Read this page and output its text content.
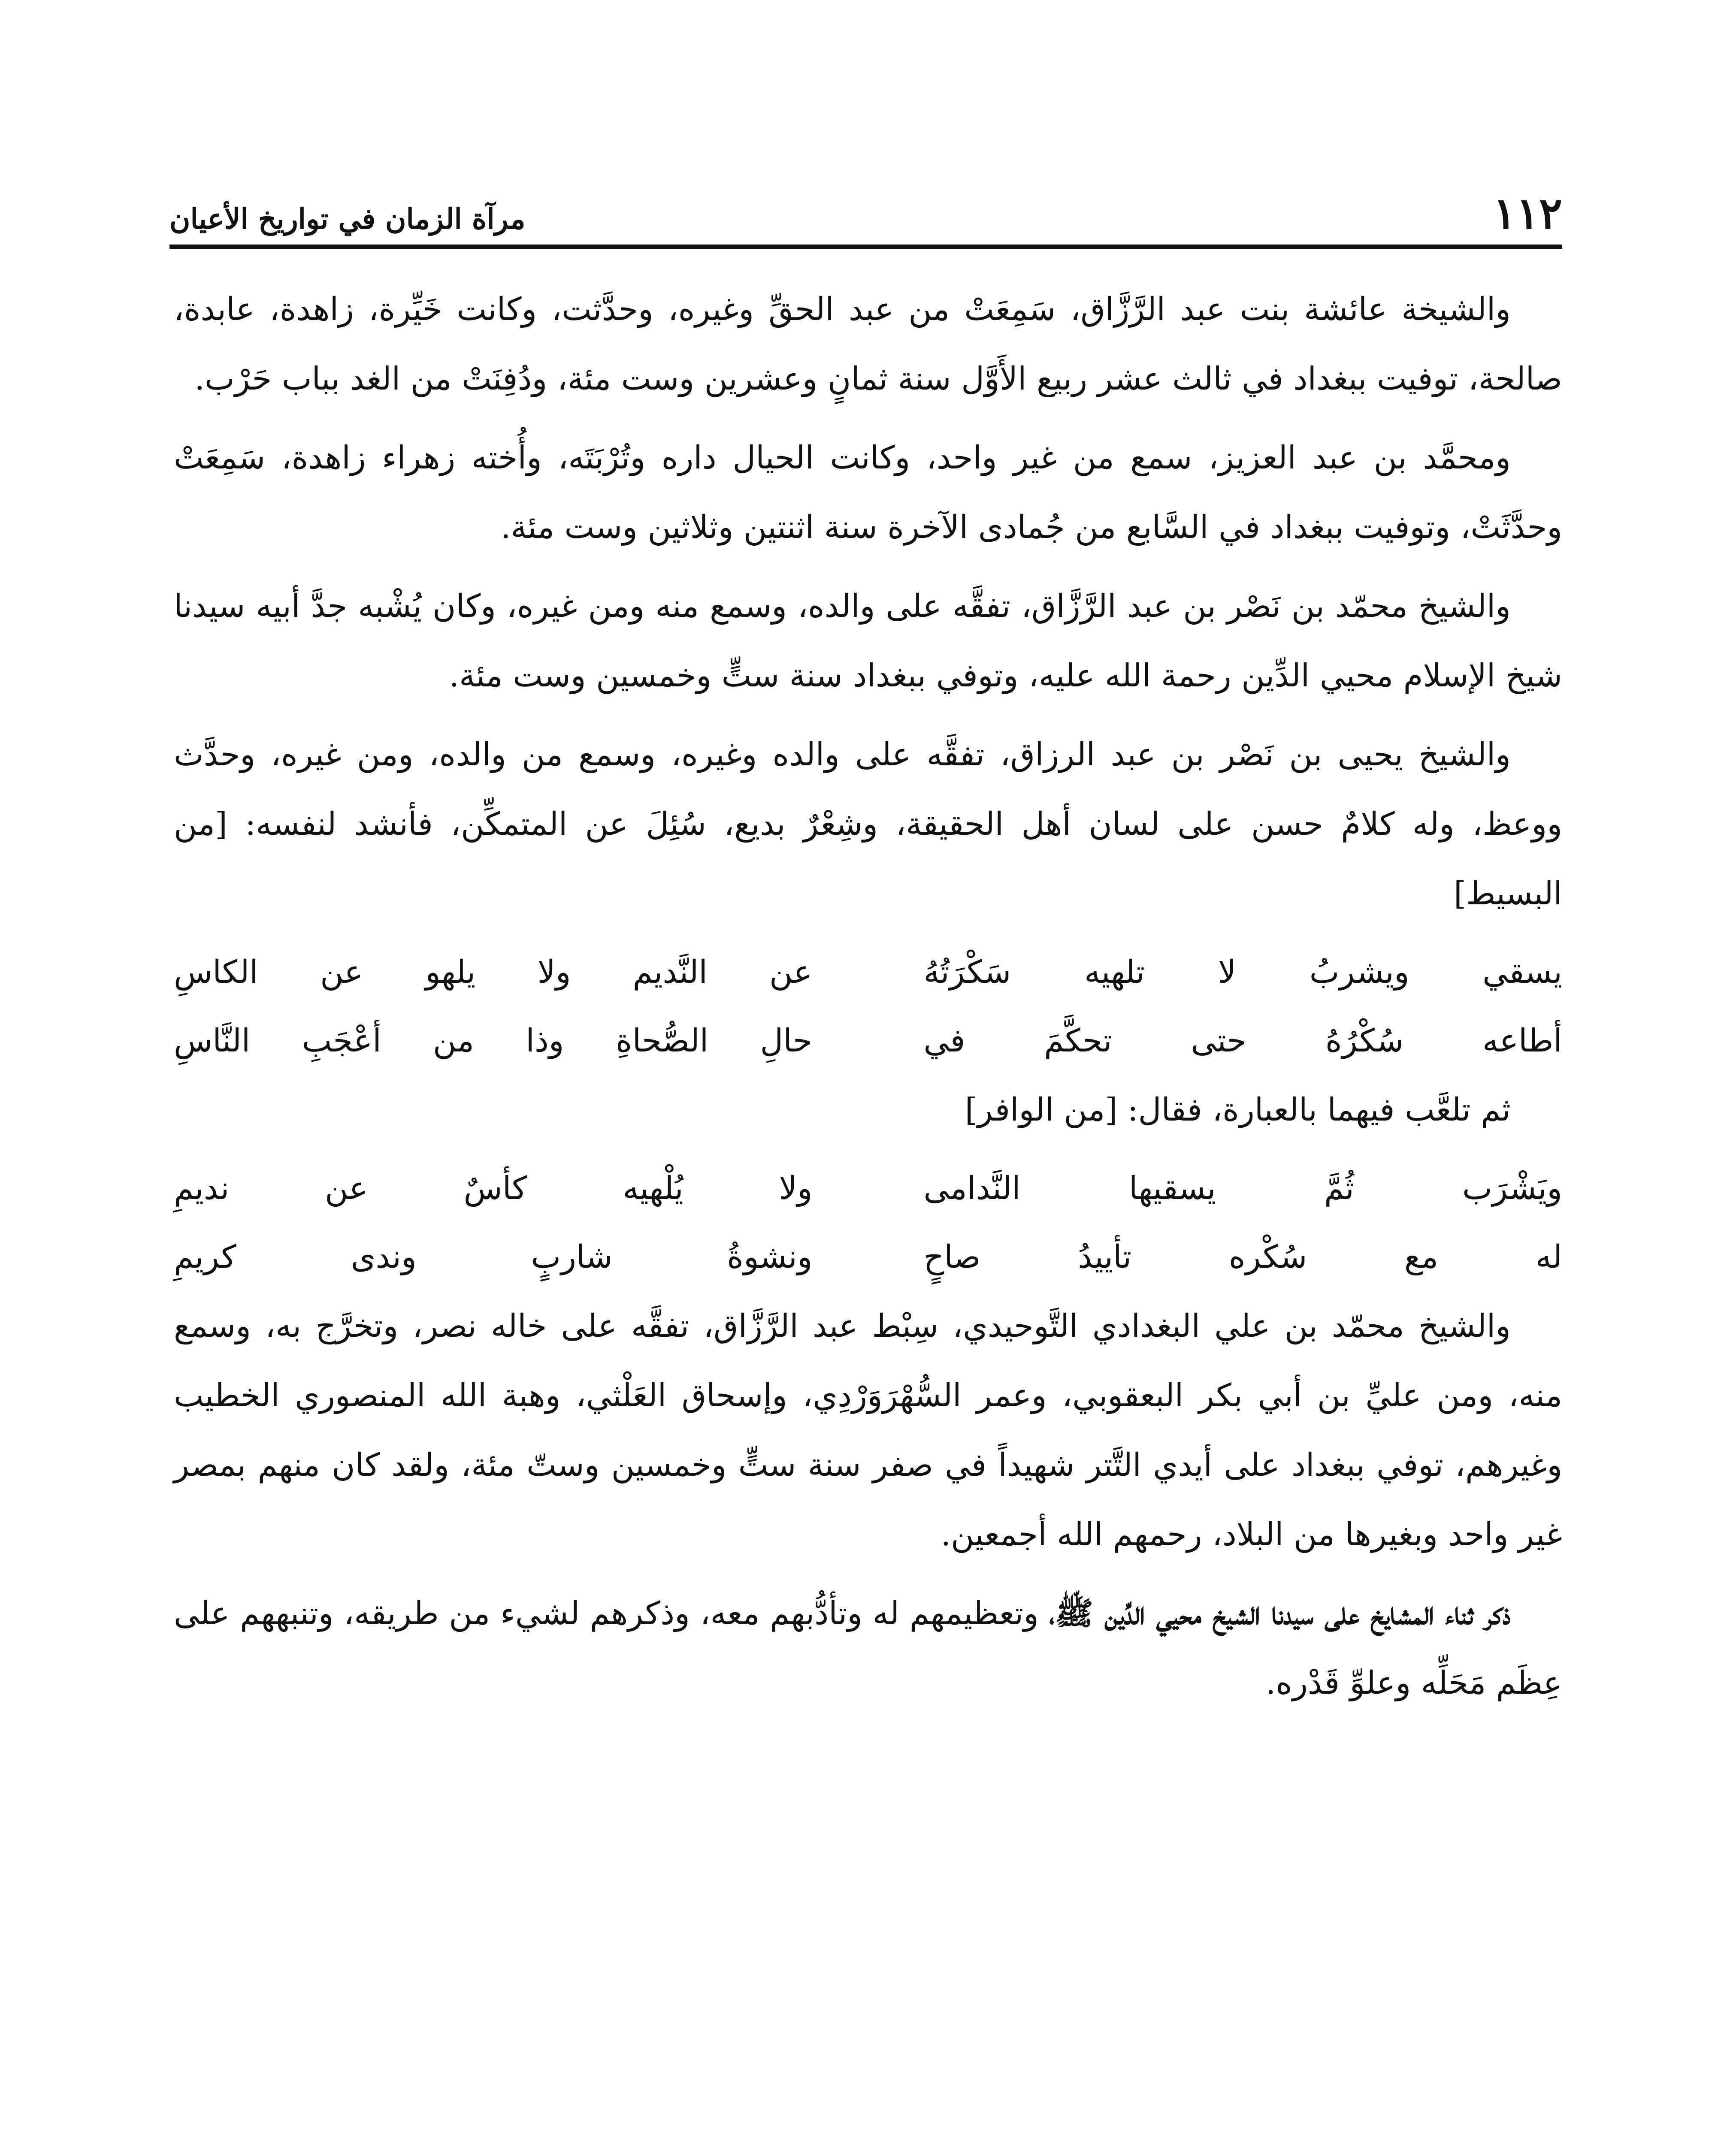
١١٢
مرآة الزمان في تواريخ الأعيان

والشيخة عائشة بنت عبد الرَّزَّاق، سَمِعَتْ من عبد الحقِّ وغيره، وحدَّثت، وكانت خَيِّرة، زاهدة، عابدة، صالحة، توفيت ببغداد في ثالث عشر ربيع الأَوَّل سنة ثمانٍ وعشرين وست مئة، ودُفِنَتْ من الغد بباب حَرْب.

ومحمَّد بن عبد العزيز، سمع من غير واحد، وكانت الحيال داره وتُرْبَتَه، وأُخته زهراء زاهدة، سَمِعَتْ وحدَّثَتْ، وتوفيت ببغداد في السَّابع من جُمادى الآخرة سنة اثنتين وثلاثين وست مئة.

والشيخ محمّد بن نَصْر بن عبد الرَّزَّاق، تفقَّه على والده، وسمع منه ومن غيره، وكان يُشْبه جدَّ أبيه سيدنا شيخ الإسلام محيي الدِّين رحمة الله عليه، وتوفي ببغداد سنة ستٍّ وخمسين وست مئة.

والشيخ يحيى بن نَصْر بن عبد الرزاق، تفقَّه على والده وغيره، وسمع من والده، ومن غيره، وحدَّث ووعظ، وله كلامٌ حسن على لسان أهل الحقيقة، وشِعْرٌ بديع، سُئِلَ عن المتمكِّن، فأنشد لنفسه: [من البسيط]

يسقي ويشربُ لا تلهيه سَكْرَتُهُ
عن النَّديم ولا يلهو عن الكاسِ
أطاعه سُكْرُهُ حتى تحكَّمَ في
حالِ الصُّحاةِ وذا من أعْجَبِ النَّاسِ

ثم تلعَّب فيهما بالعبارة، فقال: [من الوافر]

ويَشْرَب ثُمَّ يسقيها النَّدامى
ولا يُلْهيه كأسٌ عن نديمِ
له مع سُكْره تأييدُ صاحٍ
ونشوةُ شاربٍ وندى كريمِ

والشيخ محمّد بن علي البغدادي التَّوحيدي، سِبْط عبد الرَّزَّاق، تفقَّه على خاله نصر، وتخرَّج به، وسمع منه، ومن عليِّ بن أبي بكر البعقوبي، وعمر السُّهْرَوَرْدِي، وإسحاق العَلْثي، وهبة الله المنصوري الخطيب وغيرهم، توفي ببغداد على أيدي التَّتر شهيداً في صفر سنة ستٍّ وخمسين وستّ مئة، ولقد كان منهم بمصر غير واحد وبغيرها من البلاد، رحمهم الله أجمعين.

ذكر ثناء المشايخ على سيدنا الشيخ محيي الدِّين ﷺ، وتعظيمهم له وتأدُّبهم معه، وذكرهم لشيء من طريقه، وتنبههم على عِظَم مَحَلِّه وعلوِّ قَدْره.
